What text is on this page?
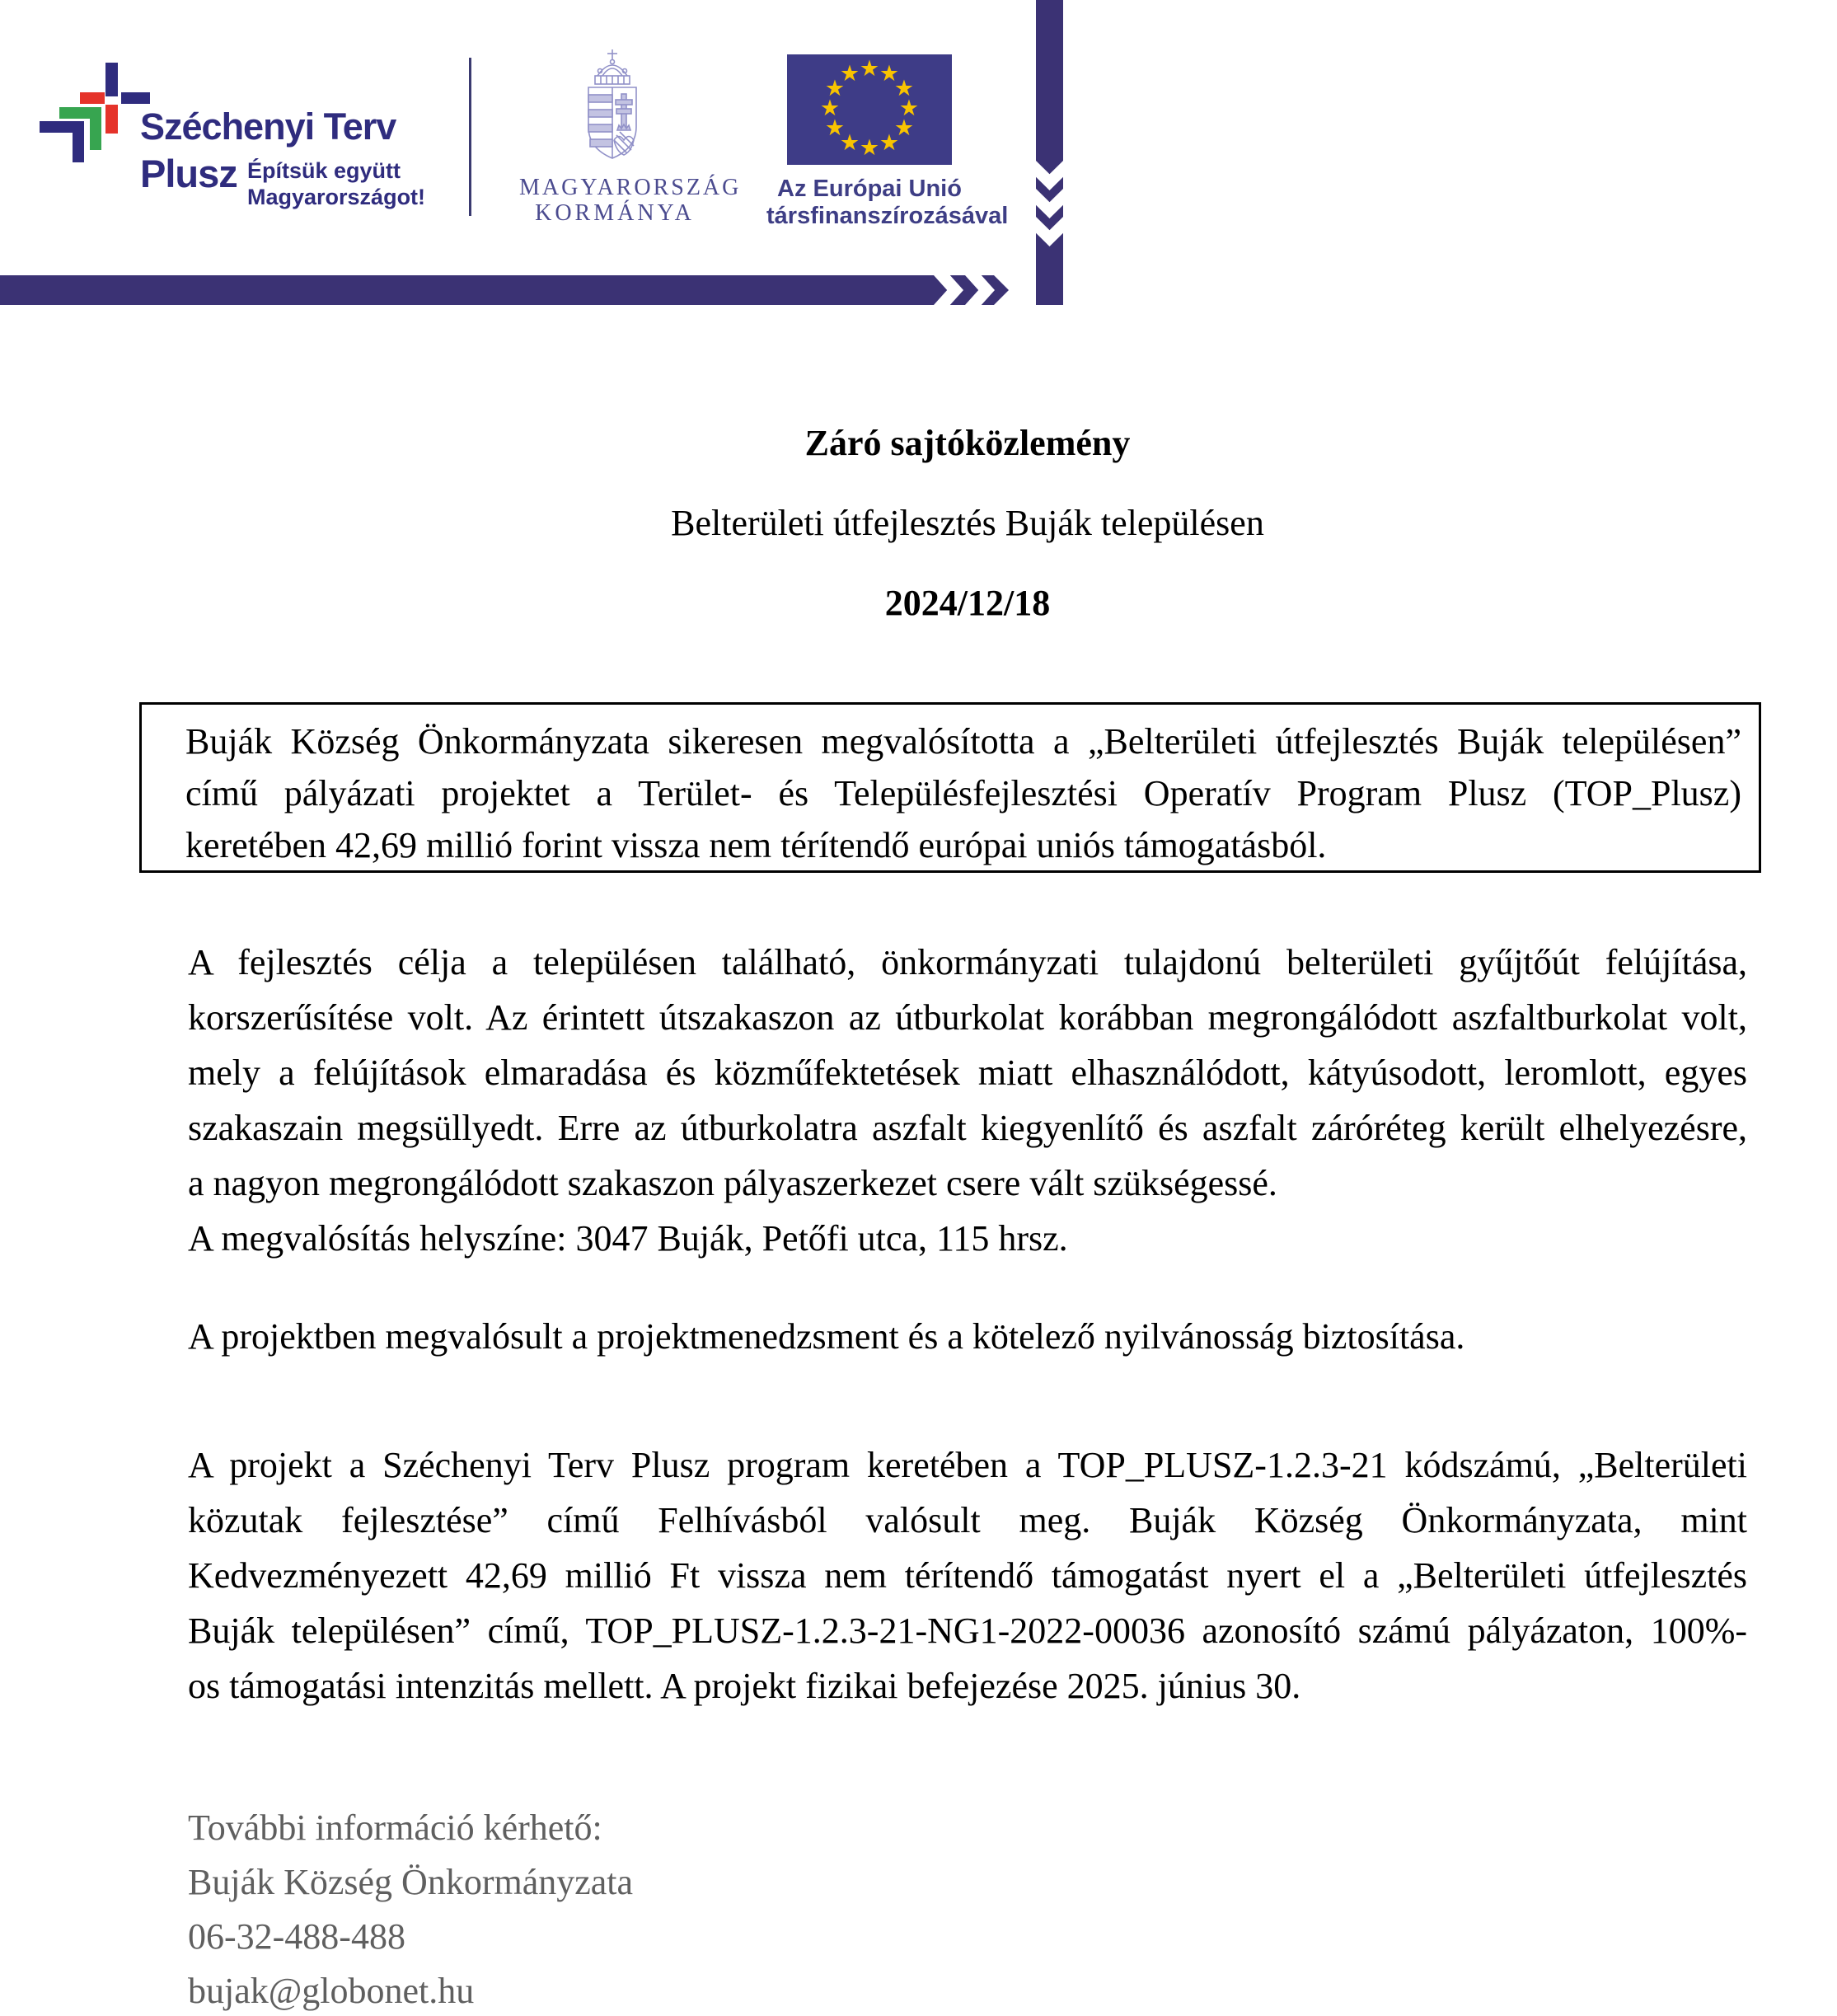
Széchenyi Terv
Plusz Építsük együtt
Magyarországot!	MAGYARORSZÁG
KORMÁNYA
★ ★
★
★
★
★
★
★
★
★
★
★
Az Európai Unió
társfinanszírozásával
Záró sajtóközlemény
Belterületi útfejlesztés Buják településen
2024/12/18
Buják Község Önkormányzata sikeresen megvalósította a „Belterületi útfejlesztés Buják településen”
című pályázati projektet a Terület- és Településfejlesztési Operatív Program Plusz (TOP_Plusz)
keretében 42,69 millió forint vissza nem térítendő európai uniós támogatásból.
A fejlesztés célja a településen található, önkormányzati tulajdonú belterületi gyűjtőút felújítása,
korszerűsítése volt. Az érintett útszakaszon az útburkolat korábban megrongálódott aszfaltburkolat volt,
mely a felújítások elmaradása és közműfektetések miatt elhasználódott, kátyúsodott, leromlott, egyes
szakaszain megsüllyedt. Erre az útburkolatra aszfalt kiegyenlítő és aszfalt záróréteg került elhelyezésre,
a nagyon megrongálódott szakaszon pályaszerkezet csere vált szükségessé.
A megvalósítás helyszíne: 3047 Buják, Petőfi utca, 115 hrsz.
A projektben megvalósult a projektmenedzsment és a kötelező nyilvánosság biztosítása.
A projekt a Széchenyi Terv Plusz program keretében a TOP_PLUSZ-1.2.3-21 kódszámú, „Belterületi
közutak fejlesztése” című Felhívásból valósult meg. Buják Község Önkormányzata, mint
Kedvezményezett 42,69 millió Ft vissza nem térítendő támogatást nyert el a „Belterületi útfejlesztés
Buják településen” című, TOP_PLUSZ-1.2.3-21-NG1-2022-00036 azonosító számú pályázaton, 100%-
os támogatási intenzitás mellett. A projekt fizikai befejezése 2025. június 30.
További információ kérhető:
Buják Község Önkormányzata
06-32-488-488
bujak@globonet.hu
